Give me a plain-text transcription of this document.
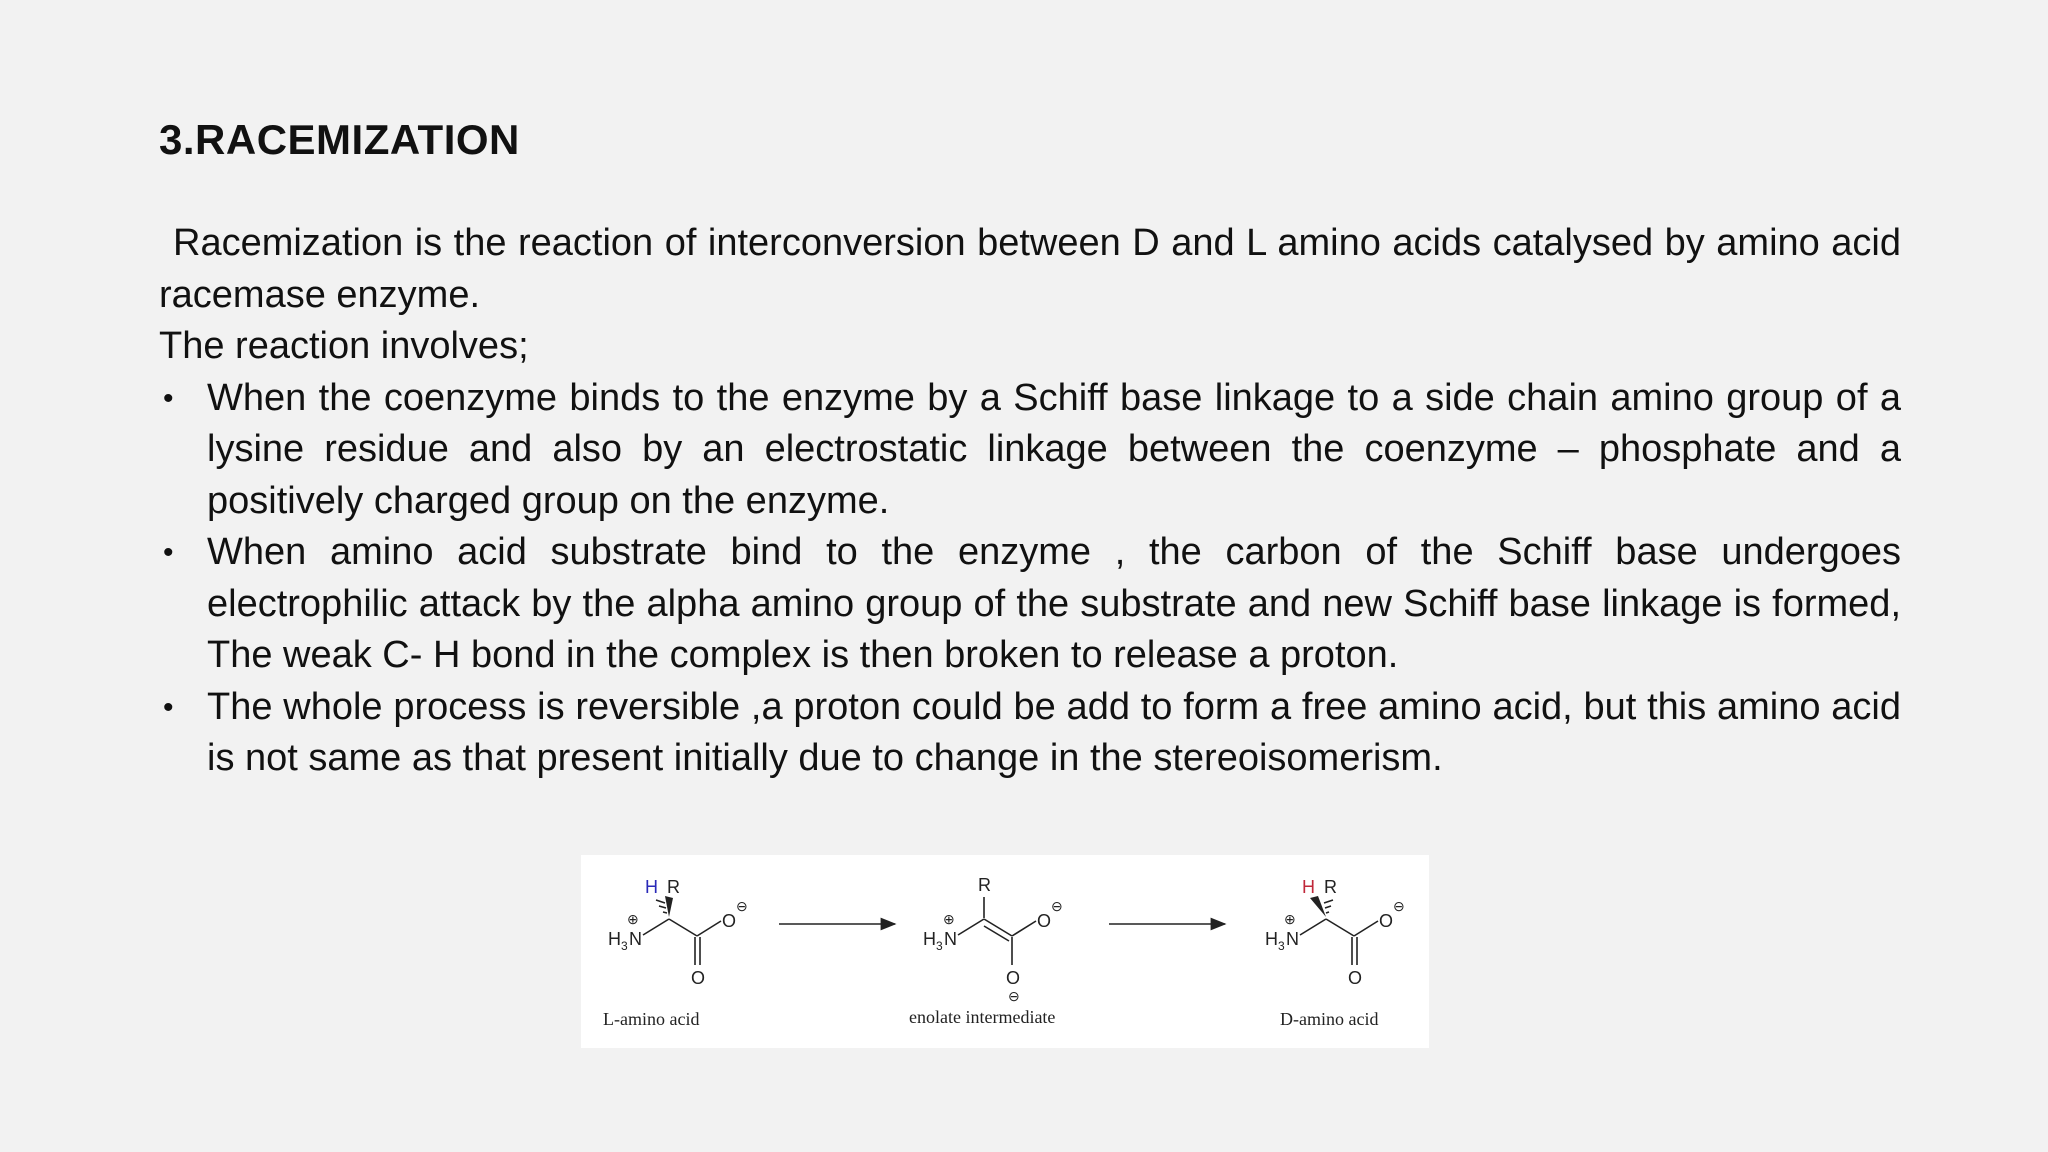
3.RACEMIZATION

Racemization is the reaction of interconversion between D and L amino acids catalysed by amino acid racemase enzyme.

The reaction involves;

• When the coenzyme binds to the enzyme by a Schiff base linkage to a side chain amino group of a lysine residue and also by an electrostatic linkage between the coenzyme – phosphate and a positively charged group on the enzyme.
• When amino acid substrate bind to the enzyme , the carbon of the Schiff base undergoes electrophilic attack by the alpha amino group of the substrate and new Schiff base linkage is formed, The weak C- H bond in the complex is then broken to release a proton.
• The whole process is reversible ,a proton could be add to form a free amino acid, but this amino acid is not same as that present initially due to change in the stereoisomerism.
H R
⊕
H 3 N
O
⊖
O
R
⊕
H 3 N
O
⊖
O
⊖
H R
⊕
H 3 N
O
⊖
O
L-amino acid	enolate intermediate	D-amino acid
